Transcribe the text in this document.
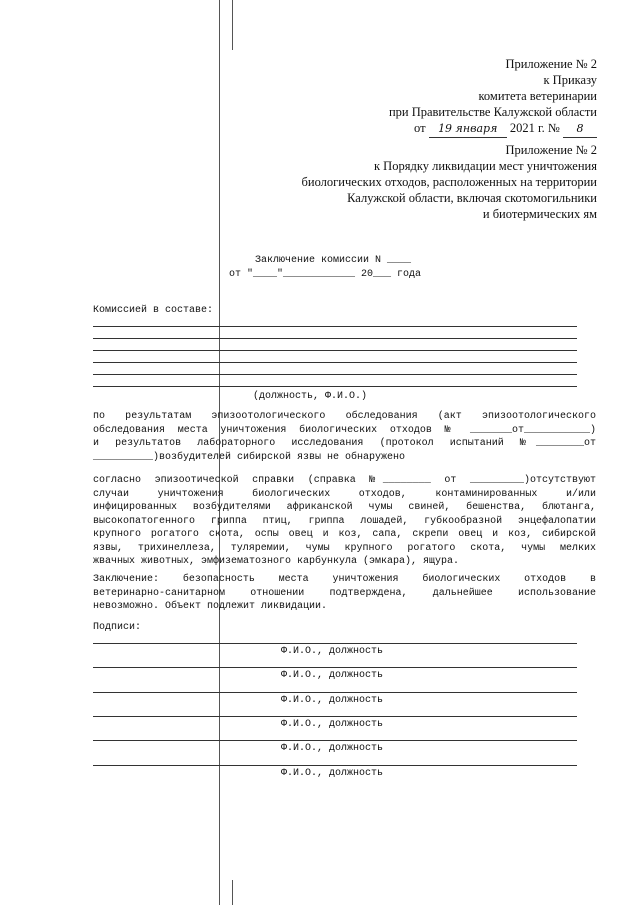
Приложение № 2
к Приказу
комитета ветеринарии
при Правительстве Калужской области
от 19 января 2021 г. № 8
Приложение № 2
к Порядку ликвидации мест уничтожения
биологических отходов, расположенных на территории
Калужской области, включая скотомогильники
и биотермических ям
Заключение комиссии N ____
от "____"____________ 20___ года
Комиссией в составе:
(должность, Ф.И.О.)
по результатам эпизоотологического обследования (акт эпизоотологического
обследования места уничтожения биологических отходов № _______от___________)
и результатов лабораторного исследования (протокол испытаний №________от
__________)возбудителей сибирской язвы не обнаружено
согласно эпизоотической справки (справка №________ от _________)отсутствуют
случаи уничтожения биологических отходов, контаминированных и/или
инфицированных возбудителями африканской чумы свиней, бешенства, блютанга,
высокопатогенного гриппа птиц, гриппа лошадей, губкообразной энцефалопатии
крупного рогатого скота, оспы овец и коз, сапа, скрепи овец и коз, сибирской
язвы, трихинеллеза, туляремии, чумы крупного рогатого скота, чумы мелких
жвачных животных, эмфизематозного карбункула (эмкара), ящура.
Заключение: безопасность места уничтожения биологических отходов в
ветеринарно-санитарном отношении подтверждена, дальнейшее использование
невозможно. Объект подлежит ликвидации.
Подписи:
Ф.И.О., должность
Ф.И.О., должность
Ф.И.О., должность
Ф.И.О., должность
Ф.И.О., должность
Ф.И.О., должность
